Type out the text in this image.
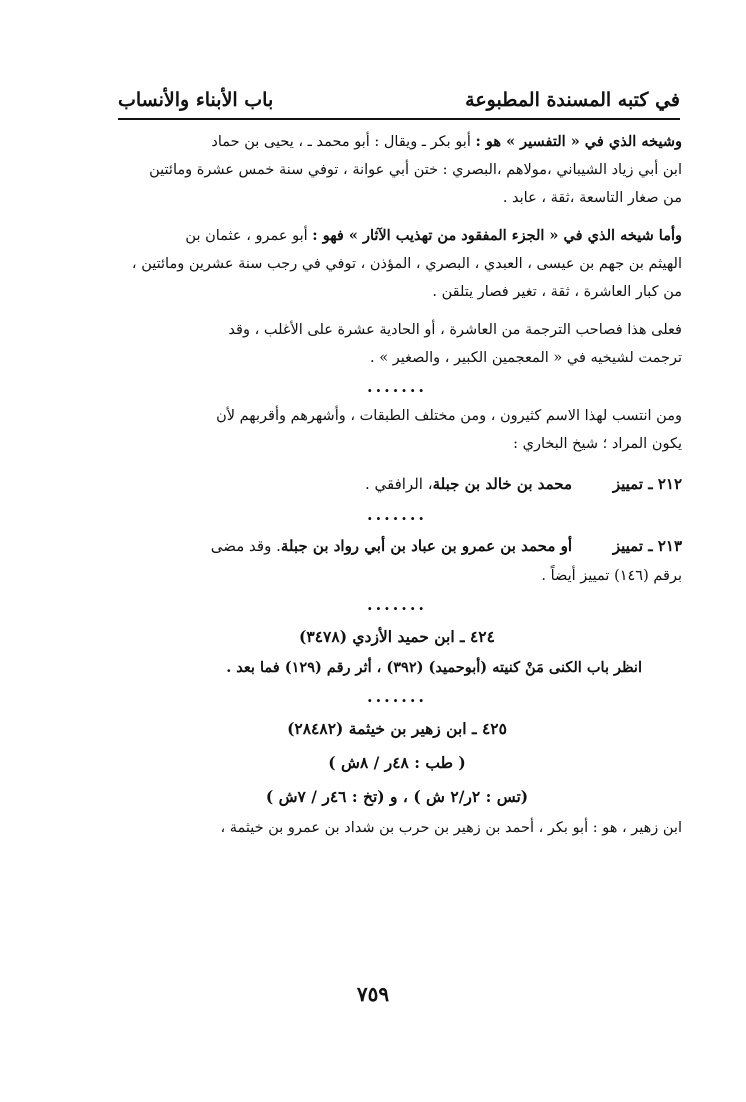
في كتبه المسندة المطبوعة
باب الأبناء والأنساب
وشيخه الذي في « التفسير » هو : أبو بكر ـ ويقال : أبو محمد ـ ، يحيى بن حماد
ابن أبي زياد الشيباني ،مولاهم ،البصري : ختن أبي عوانة ، توفي سنة خمس عشرة ومائتين
من صغار التاسعة ،ثقة ، عابد .
وأما شيخه الذي في « الجزء المفقود من تهذيب الآثار » فهو : أبو عمرو ، عثمان بن
الهيثم بن جهم بن عيسى ، العبدي ، البصري ، المؤذن ، توفي في رجب سنة عشرين ومائتين ،
من كبار العاشرة ، ثقة ، تغير فصار يتلقن .
فعلى هذا فصاحب الترجمة من العاشرة ، أو الحادية عشرة على الأغلب ، وقد
ترجمت لشيخيه في « المعجمين الكبير ، والصغير » .
.......
ومن انتسب لهذا الاسم كثيرون ، ومن مختلف الطبقات ، وأشهرهم وأقربهم لأن
يكون المراد ؛ شيخ البخاري :
٢١٢ ـ تمييز
محمد بن خالد بن جبلة
، الرافقي .
.......
٢١٣ ـ تمييز
أو محمد بن عمرو بن عباد بن أبي رواد بن جبلة
. وقد مضى
برقم (١٤٦) تمييز أيضاً .
.......
٤٢٤ ـ ابن حميد الأزدي (٣٤٧٨)
انظر باب الكنى مَنْ كنيته (أبوحميد) (٣٩٢) ، أثر رقم (١٢٩) فما بعد .
.......
٤٢٥ ـ ابن زهير بن خيثمة (٢٨٤٨٢)
( طب : ٤٨ر / ٨ش )
(تس : ٢ر/٢ ش ) ، و (تخ : ٤٦ر / ٧ش )
ابن زهير ، هو : أبو بكر ، أحمد بن زهير بن حرب بن شداد بن عمرو بن خيثمة ،
٧٥٩
